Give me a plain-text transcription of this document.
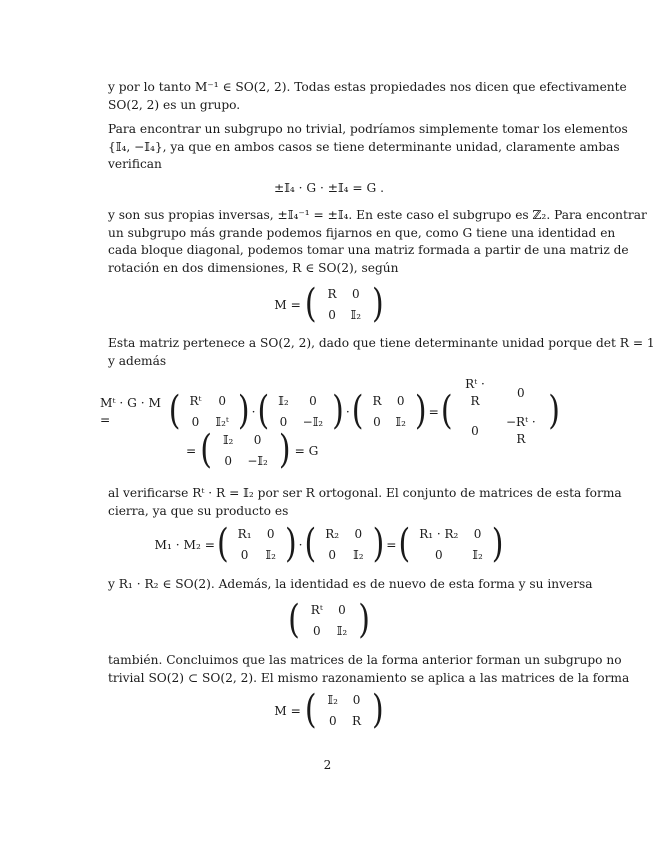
y por lo tanto M⁻¹ ∈ SO(2, 2). Todas estas propiedades nos dicen que efectivamente
SO(2, 2) es un grupo.
Para encontrar un subgrupo no trivial, podríamos simplemente tomar los elementos
{𝕀₄, −𝕀₄}, ya que en ambos casos se tiene determinante unidad, claramente ambas
verifican
±𝕀₄ · G · ±𝕀₄ = G .
y son sus propias inversas, ±𝕀₄⁻¹ = ±𝕀₄. En este caso el subgrupo es ℤ₂. Para encontrar
un subgrupo más grande podemos fijarnos en que, como G tiene una identidad en
cada bloque diagonal, podemos tomar una matriz formada a partir de una matriz de
rotación en dos dimensiones, R ∈ SO(2), según
M = ( R	0
0	𝕀₂ )
Esta matriz pertenece a SO(2, 2), dado que tiene determinante unidad porque det R = 1
y además
Mᵗ · G · M =	( Rᵗ	0
0	𝕀₂ᵗ ) · ( 𝕀₂	0
0	−𝕀₂ ) · ( R	0
0	𝕀₂ ) = (
Rᵗ · R	0
0	−Rᵗ · R
)
= ( 𝕀₂	0
0	−𝕀₂ ) = G
al verificarse Rᵗ · R = 𝕀₂ por ser R ortogonal. El conjunto de matrices de esta forma
cierra, ya que su producto es
M₁ · M₂ = ( R₁	0
0	𝕀₂ ) · ( R₂	0
0	𝕀₂ ) = ( R₁ · R₂	0
0	𝕀₂ )
y R₁ · R₂ ∈ SO(2). Además, la identidad es de nuevo de esta forma y su inversa
( Rᵗ	0
0	𝕀₂ )
también. Concluimos que las matrices de la forma anterior forman un subgrupo no
trivial SO(2) ⊂ SO(2, 2). El mismo razonamiento se aplica a las matrices de la forma
M = ( 𝕀₂	0
0	R )
2
